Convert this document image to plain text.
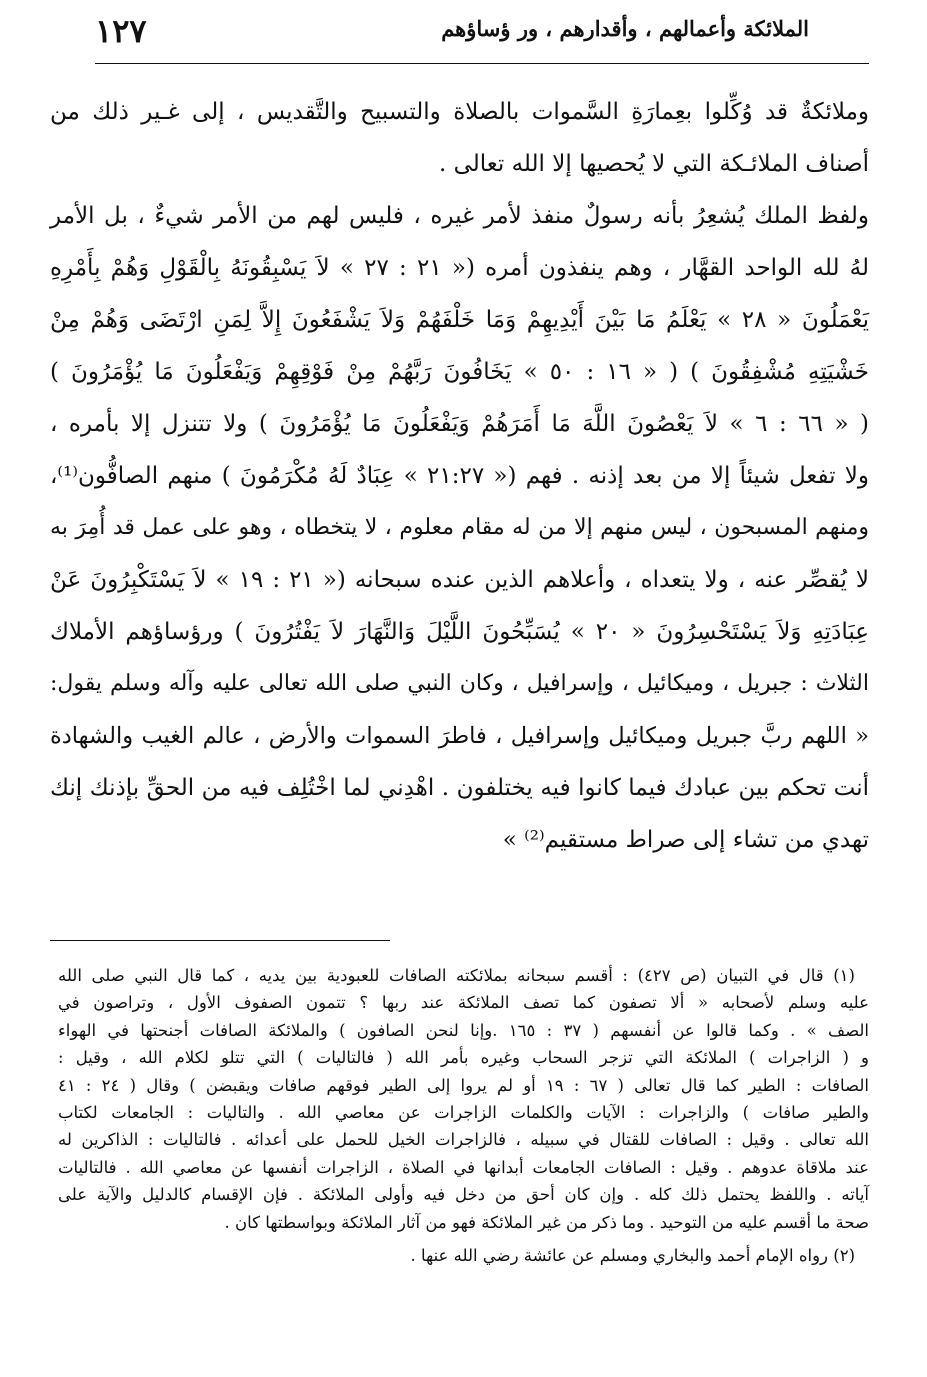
الملائكة وأعمالهم ، وأقدارهم ، ور ؤساؤهم
١٢٧
وملائكةٌ قد وُكِّلوا بعِمارَةِ السَّموات بالصلاة والتسبيح والتَّقديس ، إلى غـير ذلك من
أصناف الملائـكة التي لا يُحصيها إلا الله تعالى .
ولفظ الملك يُشعِرُ بأنه رسولٌ منفذ لأمر غيره ، فليس لهم من الأمر شيءٌ ، بل الأمر
لهُ لله الواحد القهَّار ، وهم ينفذون أمره (« ٢١ : ٢٧ » لاَ يَسْبِقُونَهُ بِالْقَوْلِ وَهُمْ بِأَمْرِهِ
يَعْمَلُونَ « ٢٨ » يَعْلَمُ مَا بَيْنَ أَيْدِيهِمْ وَمَا خَلْفَهُمْ وَلاَ يَشْفَعُونَ إِلاَّ لِمَنِ ارْتَضَى وَهُمْ مِنْ
خَشْيَتِهِ مُشْفِقُونَ ) ( « ١٦ : ٥٠ » يَخَافُونَ رَبَّهُمْ مِنْ فَوْقِهِمْ وَيَفْعَلُونَ مَا يُؤْمَرُونَ )
( « ٦٦ : ٦ » لاَ يَعْصُونَ اللَّهَ مَا أَمَرَهُمْ وَيَفْعَلُونَ مَا يُؤْمَرُونَ ) ولا تتنزل إلا بأمره ،
ولا تفعل شيئاً إلا من بعد إذنه . فهم (« ٢١:٢٧ » عِبَادٌ لَهُ مُكْرَمُونَ ) منهم الصافُّون⁽¹⁾،
ومنهم المسبحون ، ليس منهم إلا من له مقام معلوم ، لا يتخطاه ، وهو على عمل قد أُمِرَ به
لا يُقصِّر عنه ، ولا يتعداه ، وأعلاهم الذين عنده سبحانه (« ٢١ : ١٩ » لاَ يَسْتَكْبِرُونَ عَنْ
عِبَادَتِهِ وَلاَ يَسْتَحْسِرُونَ « ٢٠ » يُسَبِّحُونَ اللَّيْلَ وَالنَّهَارَ لاَ يَفْتُرُونَ ) ورؤساؤهم الأملاك
الثلاث : جبريل ، وميكائيل ، وإسرافيل ، وكان النبي صلى الله تعالى عليه وآله وسلم يقول:
« اللهم ربَّ جبريل وميكائيل وإسرافيل ، فاطرَ السموات والأرض ، عالم الغيب والشهادة
أنت تحكم بين عبادك فيما كانوا فيه يختلفون . اهْدِني لما اخْتُلِف فيه من الحقِّ بإذنك إنك
تهدي من تشاء إلى صراط مستقيم⁽²⁾ »
(١) قال في التبيان (ص ٤٢٧) : أقسم سبحانه بملائكته الصافات للعبودية بين يديه ، كما قال النبي صلى الله
عليه وسلم لأصحابه « ألا تصفون كما تصف الملائكة عند ربها ؟ تتمون الصفوف الأول ، وتراصون في
الصف » . وكما قالوا عن أنفسهم ( ٣٧ : ١٦٥ .وإنا لنحن الصافون ) والملائكة الصافات أجنحتها في الهواء
و ( الزاجرات ) الملائكة التي تزجر السحاب وغيره بأمر الله ( فالتاليات ) التي تتلو لكلام الله ، وقيل :
الصافات : الطير كما قال تعالى ( ٦٧ : ١٩ أو لم يروا إلى الطير فوقهم صافات ويقبضن ) وقال ( ٢٤ : ٤١
والطير صافات ) والزاجرات : الآيات والكلمات الزاجرات عن معاصي الله . والتاليات : الجامعات لكتاب
الله تعالى . وقيل : الصافات للقتال في سبيله ، فالزاجرات الخيل للحمل على أعدائه . فالتاليات : الذاكرين له
عند ملاقاة عدوهم . وقيل : الصافات الجامعات أبدانها في الصلاة ، الزاجرات أنفسها عن معاصي الله . فالتاليات
آياته . واللفظ يحتمل ذلك كله . وإن كان أحق من دخل فيه وأولى الملائكة . فإن الإقسام كالدليل والآية على
صحة ما أقسم عليه من التوحيد . وما ذكر من غير الملائكة فهو من آثار الملائكة وبواسطتها كان .
(٢) رواه الإمام أحمد والبخاري ومسلم عن عائشة رضي الله عنها .
